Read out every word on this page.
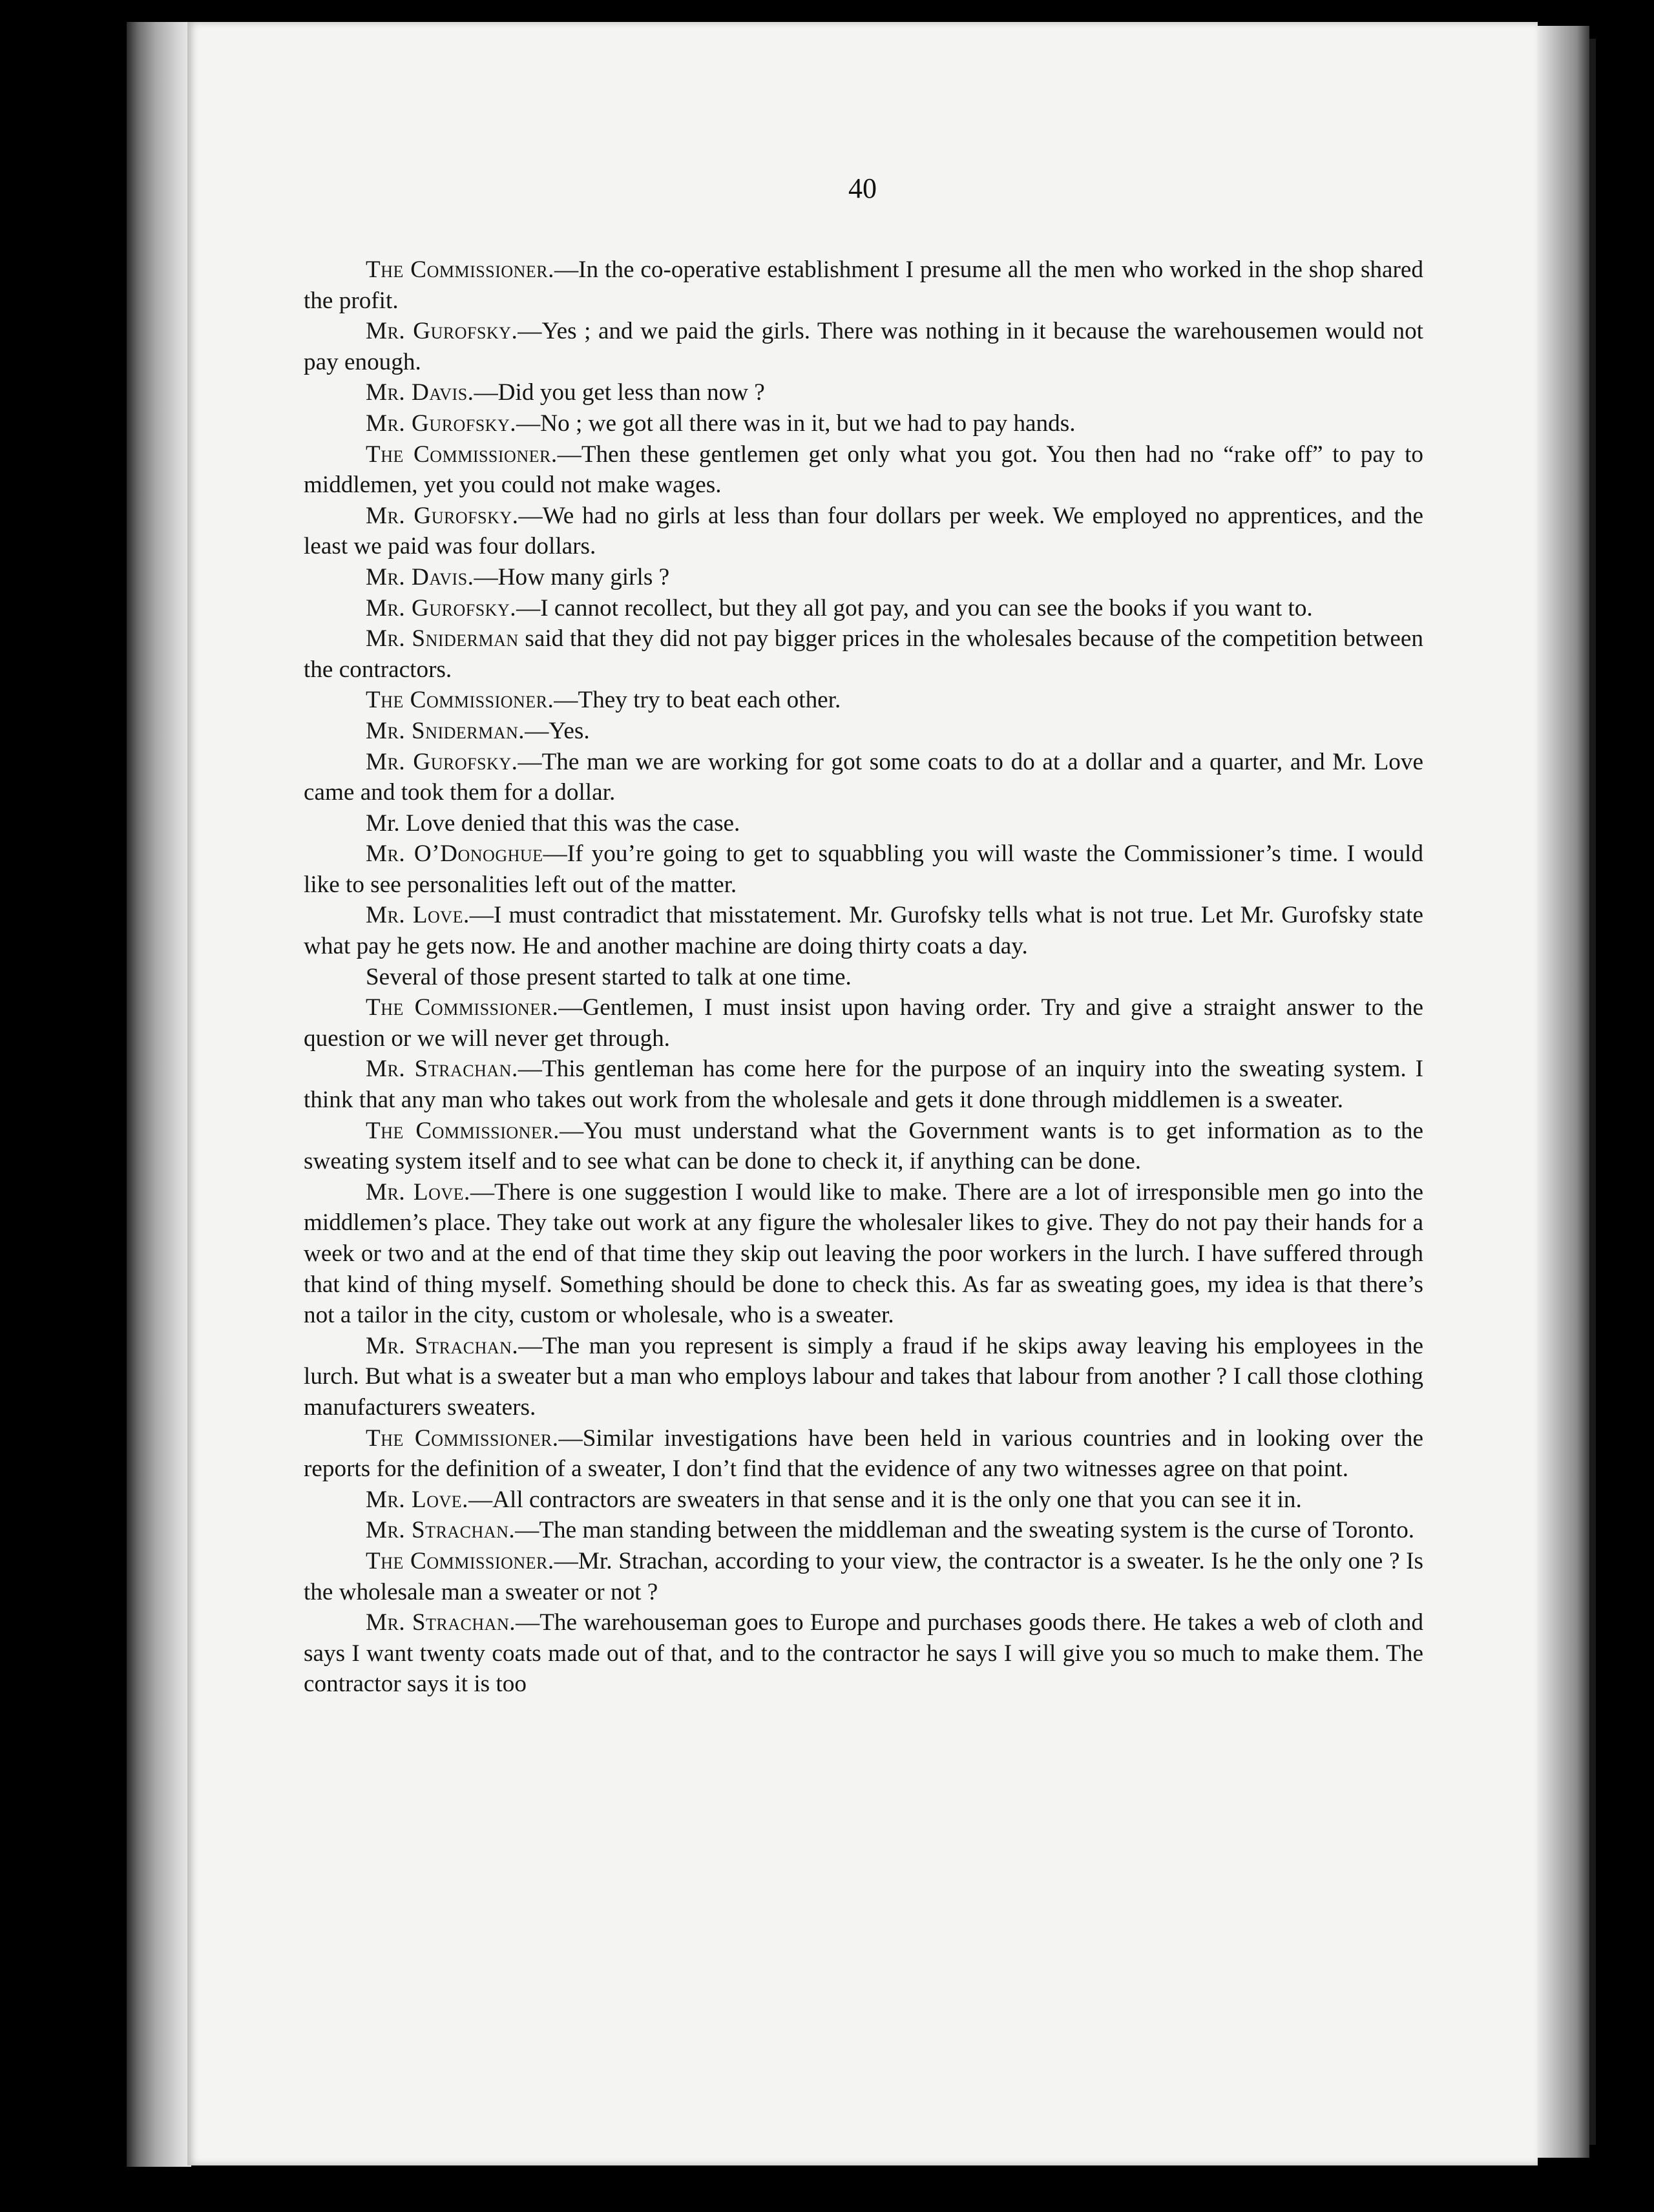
40

The Commissioner.—In the co-operative establishment I presume all the men who worked in the shop shared the profit.

Mr. Gurofsky.—Yes ; and we paid the girls. There was nothing in it because the warehousemen would not pay enough.

Mr. Davis.—Did you get less than now ?

Mr. Gurofsky.—No ; we got all there was in it, but we had to pay hands.

The Commissioner.—Then these gentlemen get only what you got. You then had no “rake off” to pay to middlemen, yet you could not make wages.

Mr. Gurofsky.—We had no girls at less than four dollars per week. We employed no apprentices, and the least we paid was four dollars.

Mr. Davis.—How many girls ?

Mr. Gurofsky.—I cannot recollect, but they all got pay, and you can see the books if you want to.

Mr. Sniderman said that they did not pay bigger prices in the wholesales because of the competition between the contractors.

The Commissioner.—They try to beat each other.

Mr. Sniderman.—Yes.

Mr. Gurofsky.—The man we are working for got some coats to do at a dollar and a quarter, and Mr. Love came and took them for a dollar.

Mr. Love denied that this was the case.

Mr. O’Donoghue—If you’re going to get to squabbling you will waste the Commissioner’s time. I would like to see personalities left out of the matter.

Mr. Love.—I must contradict that misstatement. Mr. Gurofsky tells what is not true. Let Mr. Gurofsky state what pay he gets now. He and another machine are doing thirty coats a day.

Several of those present started to talk at one time.

The Commissioner.—Gentlemen, I must insist upon having order. Try and give a straight answer to the question or we will never get through.

Mr. Strachan.—This gentleman has come here for the purpose of an inquiry into the sweating system. I think that any man who takes out work from the wholesale and gets it done through middlemen is a sweater.

The Commissioner.—You must understand what the Government wants is to get information as to the sweating system itself and to see what can be done to check it, if anything can be done.

Mr. Love.—There is one suggestion I would like to make. There are a lot of irresponsible men go into the middlemen’s place. They take out work at any figure the wholesaler likes to give. They do not pay their hands for a week or two and at the end of that time they skip out leaving the poor workers in the lurch. I have suffered through that kind of thing myself. Something should be done to check this. As far as sweating goes, my idea is that there’s not a tailor in the city, custom or wholesale, who is a sweater.

Mr. Strachan.—The man you represent is simply a fraud if he skips away leaving his employees in the lurch. But what is a sweater but a man who employs labour and takes that labour from another ? I call those clothing manufacturers sweaters.

The Commissioner.—Similar investigations have been held in various countries and in looking over the reports for the definition of a sweater, I don’t find that the evidence of any two witnesses agree on that point.

Mr. Love.—All contractors are sweaters in that sense and it is the only one that you can see it in.

Mr. Strachan.—The man standing between the middleman and the sweating system is the curse of Toronto.

The Commissioner.—Mr. Strachan, according to your view, the contractor is a sweater. Is he the only one ? Is the wholesale man a sweater or not ?

Mr. Strachan.—The warehouseman goes to Europe and purchases goods there. He takes a web of cloth and says I want twenty coats made out of that, and to the contractor he says I will give you so much to make them. The contractor says it is too
